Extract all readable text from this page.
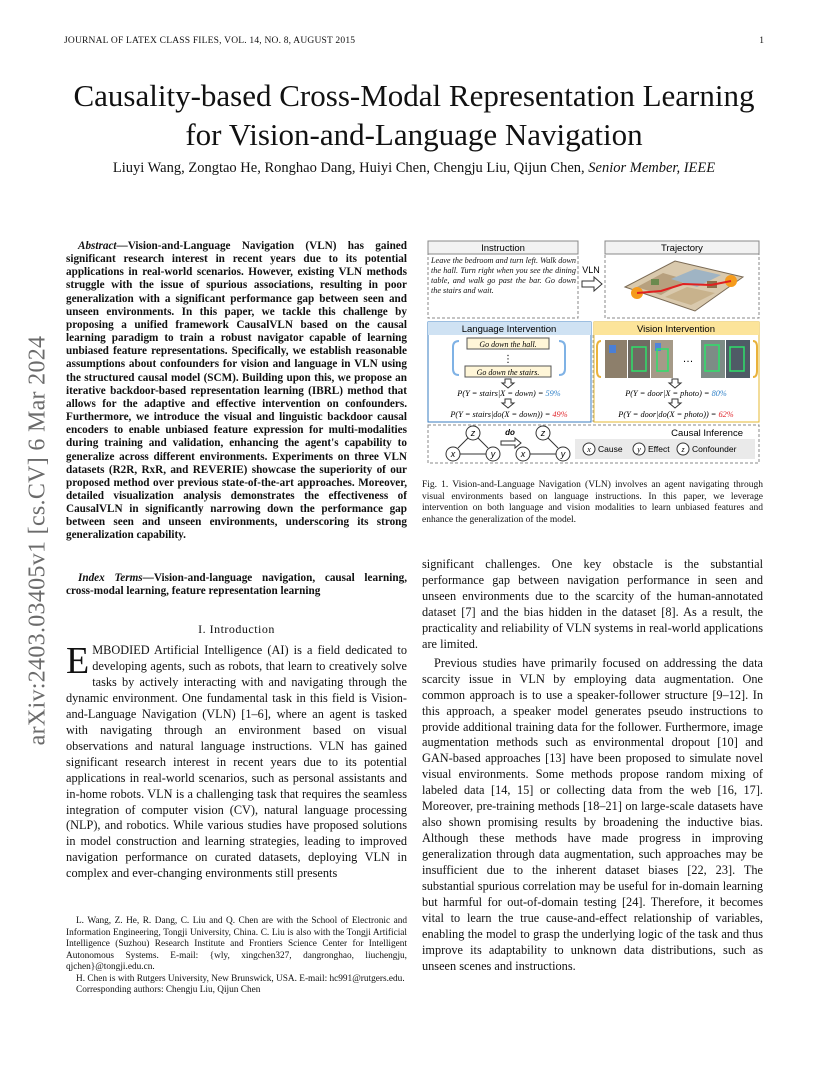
JOURNAL OF LATEX CLASS FILES, VOL. 14, NO. 8, AUGUST 2015	1
arXiv:2403.03405v1 [cs.CV] 6 Mar 2024
Causality-based Cross-Modal Representation Learning for Vision-and-Language Navigation
Liuyi Wang, Zongtao He, Ronghao Dang, Huiyi Chen, Chengju Liu, Qijun Chen, Senior Member, IEEE
Abstract—Vision-and-Language Navigation (VLN) has gained significant research interest in recent years due to its potential applications in real-world scenarios. However, existing VLN methods struggle with the issue of spurious associations, resulting in poor generalization with a significant performance gap between seen and unseen environments. In this paper, we tackle this challenge by proposing a unified framework CausalVLN based on the causal learning paradigm to train a robust navigator capable of learning unbiased feature representations. Specifically, we establish reasonable assumptions about confounders for vision and language in VLN using the structured causal model (SCM). Building upon this, we propose an iterative backdoor-based representation learning (IBRL) method that allows for the adaptive and effective intervention on confounders. Furthermore, we introduce the visual and linguistic backdoor causal encoders to enable unbiased feature expression for multi-modalities during training and validation, enhancing the agent's capability to generalize across different environments. Experiments on three VLN datasets (R2R, RxR, and REVERIE) showcase the superiority of our proposed method over previous state-of-the-art approaches. Moreover, detailed visualization analysis demonstrates the effectiveness of CausalVLN in significantly narrowing down the performance gap between seen and unseen environments, underscoring its strong generalization capability.
Index Terms—Vision-and-language navigation, causal learning, cross-modal learning, feature representation learning
I. Introduction
EMBODIED Artificial Intelligence (AI) is a field dedicated to developing agents, such as robots, that learn to creatively solve tasks by actively interacting with and navigating through the dynamic environment. One fundamental task in this field is Vision-and-Language Navigation (VLN) [1–6], where an agent is tasked with navigating through an environment based on visual observations and natural language instructions. VLN has gained significant research interest in recent years due to its potential applications in real-world scenarios, such as personal assistants and in-home robots. VLN is a challenging task that requires the seamless integration of computer vision (CV), natural language processing (NLP), and robotics. While various studies have proposed solutions in model construction and learning strategies, leading to improved navigation performance on curated datasets, deploying VLN in complex and ever-changing environments still presents

L. Wang, Z. He, R. Dang, C. Liu and Q. Chen are with the School of Electronic and Information Engineering, Tongji University, China. C. Liu is also with the Tongji Artificial Intelligence (Suzhou) Research Institute and Frontiers Science Center for Intelligent Autonomous Systems. E-mail: {wly, xingchen327, dangronghao, liuchengju, qjchen}@tongji.edu.cn.

H. Chen is with Rutgers University, New Brunswick, USA. E-mail: hc991@rutgers.edu.

Corresponding authors: Chengju Liu, Qijun Chen

Instruction
Leave the bedroom and turn left. Walk down the hall. Turn right when you see the dining table, and walk go past the bar. Go down the stairs and wait.
VLN
Trajectory
Language Intervention
Go down the hall.
⋮
Go down the stairs.
P(Y = stairs|X = down) = 59%
P(Y = stairs|do(X = down)) = 49%
Vision Intervention
…
P(Y = door|X = photo) = 80%
P(Y = door|do(X = photo)) = 62%
Causal Inference
z
x	y
do	z
x	y	x Cause y Effect z Confounder
Fig. 1. Vision-and-Language Navigation (VLN) involves an agent navigating through visual environments based on language instructions. In this paper, we leverage intervention on both language and vision modalities to learn unbiased features and enhance the generalization of the model.

significant challenges. One key obstacle is the substantial performance gap between navigation performance in seen and unseen environments due to the scarcity of the human-annotated dataset [7] and the bias hidden in the dataset [8]. As a result, the practicality and reliability of VLN systems in real-world applications are limited.

Previous studies have primarily focused on addressing the data scarcity issue in VLN by employing data augmentation. One common approach is to use a speaker-follower structure [9–12]. In this approach, a speaker model generates pseudo instructions to provide additional training data for the follower. Furthermore, image augmentation methods such as environmental dropout [10] and GAN-based approaches [13] have been proposed to simulate novel visual environments. Some methods propose random mixing of labeled data [14, 15] or collecting data from the web [16, 17]. Moreover, pre-training methods [18–21] on large-scale datasets have also shown promising results by broadening the inductive bias. Although these methods have made progress in improving generalization through data augmentation, such approaches may be insufficient due to the inherent dataset biases [22, 23]. The substantial spurious correlation may be useful for in-domain learning but harmful for out-of-domain testing [24]. Therefore, it becomes vital to learn the true cause-and-effect relationship of variables, enabling the model to grasp the underlying logic of the task and thus improve its adaptability to unknown data distributions, such as unseen scenes and instructions.
